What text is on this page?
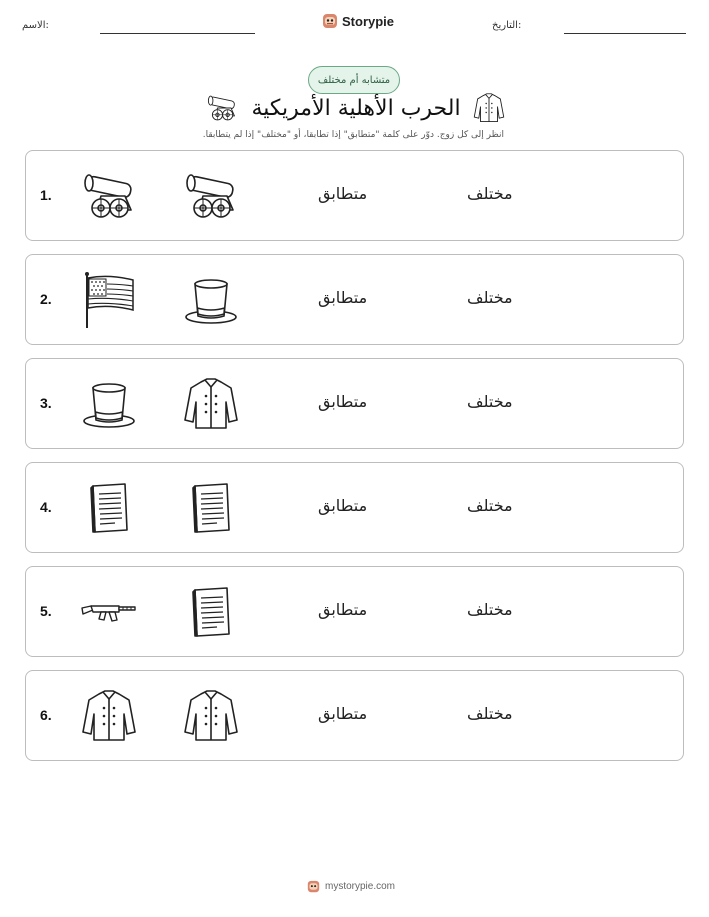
الاسم:	Storypie	التاريخ:
متشابه أم مختلف
الحرب الأهلية الأمريكية
انظر إلى كل زوج. دوّر على كلمة "متطابق" إذا تطابقا، أو "مختلف" إذا لم يتطابقا.
1.	متطابق	مختلف
2.	متطابق	مختلف
3.	متطابق	مختلف
4.	متطابق	مختلف
5.	متطابق	مختلف
6.	متطابق	مختلف
mystorypie.com
